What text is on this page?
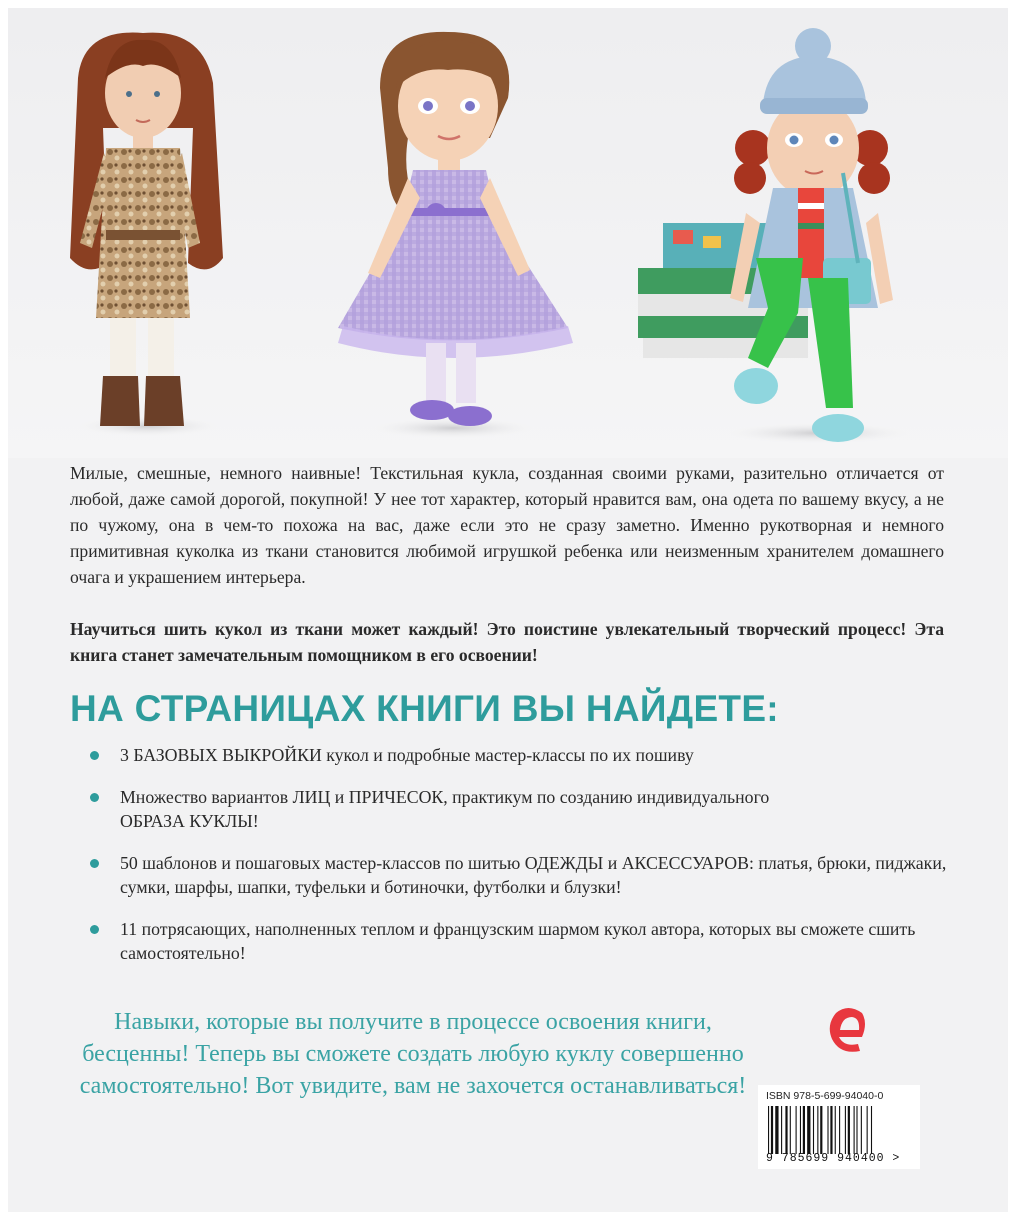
Милые, смешные, немного наивные! Текстильная кукла, созданная своими руками, разительно отличается от любой, даже самой дорогой, покупной! У нее тот характер, который нравится вам, она одета по вашему вкусу, а не по чужому, она в чем-то похожа на вас, даже если это не сразу заметно. Именно рукотворная и немного примитивная куколка из ткани становится любимой игрушкой ребенка или неизменным хранителем домашнего очага и украшением интерьера.

Научиться шить кукол из ткани может каждый! Это поистине увлекательный творческий процесс! Эта книга станет замечательным помощником в его освоении!

НА СТРАНИЦАХ КНИГИ ВЫ НАЙДЕТЕ:
3 БАЗОВЫХ ВЫКРОЙКИ кукол и подробные мастер-классы по их пошиву
Множество вариантов ЛИЦ и ПРИЧЕСОК, практикум по созданию индивидуального ОБРАЗА КУКЛЫ!
50 шаблонов и пошаговых мастер-классов по шитью ОДЕЖДЫ и АКСЕССУАРОВ: платья, брюки, пиджаки, сумки, шарфы, шапки, туфельки и ботиночки, футболки и блузки!
11 потрясающих, наполненных теплом и французским шармом кукол автора, которых вы сможете сшить самостоятельно!

Навыки, которые вы получите в процессе освоения книги, бесценны! Теперь вы сможете создать любую куклу совершенно самостоятельно! Вот увидите, вам не захочется останавливаться!	ISBN 978-5-699-94040-0
9 785699 940400 >
